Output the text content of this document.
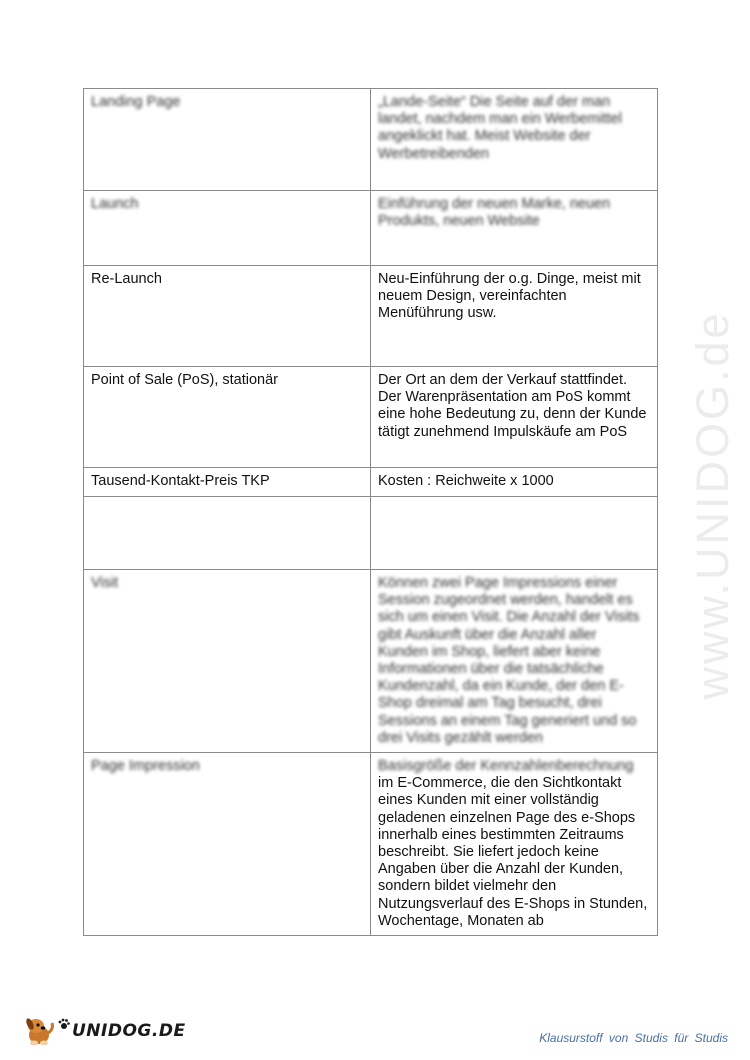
www.UNIDOG.de
Landing Page	„Lande-Seite“ Die Seite auf der man landet, nachdem man ein Werbemittel angeklickt hat. Meist Website der Werbetreibenden
Launch	Einführung der neuen Marke, neuen Produkts, neuen Website
Re-Launch	Neu-Einführung der o.g. Dinge, meist mit neuem Design, vereinfachten Menüführung usw.
Point of Sale (PoS), stationär	Der Ort an dem der Verkauf stattfindet. Der Warenpräsentation am PoS kommt eine hohe Bedeutung zu, denn der Kunde tätigt zunehmend Impulskäufe am PoS
Tausend-Kontakt-Preis TKP	Kosten : Reichweite x 1000

Visit	Können zwei Page Impressions einer Session zugeordnet werden, handelt es sich um einen Visit. Die Anzahl der Visits gibt Auskunft über die Anzahl aller Kunden im Shop, liefert aber keine Informationen über die tatsächliche Kundenzahl, da ein Kunde, der den E-Shop dreimal am Tag besucht, drei Sessions an einem Tag generiert und so drei Visits gezählt werden
Page Impression	Basisgröße der Kennzahlenberechnung
im E-Commerce, die den Sichtkontakt eines Kunden mit einer vollständig geladenen einzelnen Page des e-Shops innerhalb eines bestimmten Zeitraums beschreibt. Sie liefert jedoch keine Angaben über die Anzahl der Kunden, sondern bildet vielmehr den Nutzungsverlauf des E-Shops in Stunden, Wochentage, Monaten ab
UNIDOG.DE	Klausurstoff von Studis für Studis
